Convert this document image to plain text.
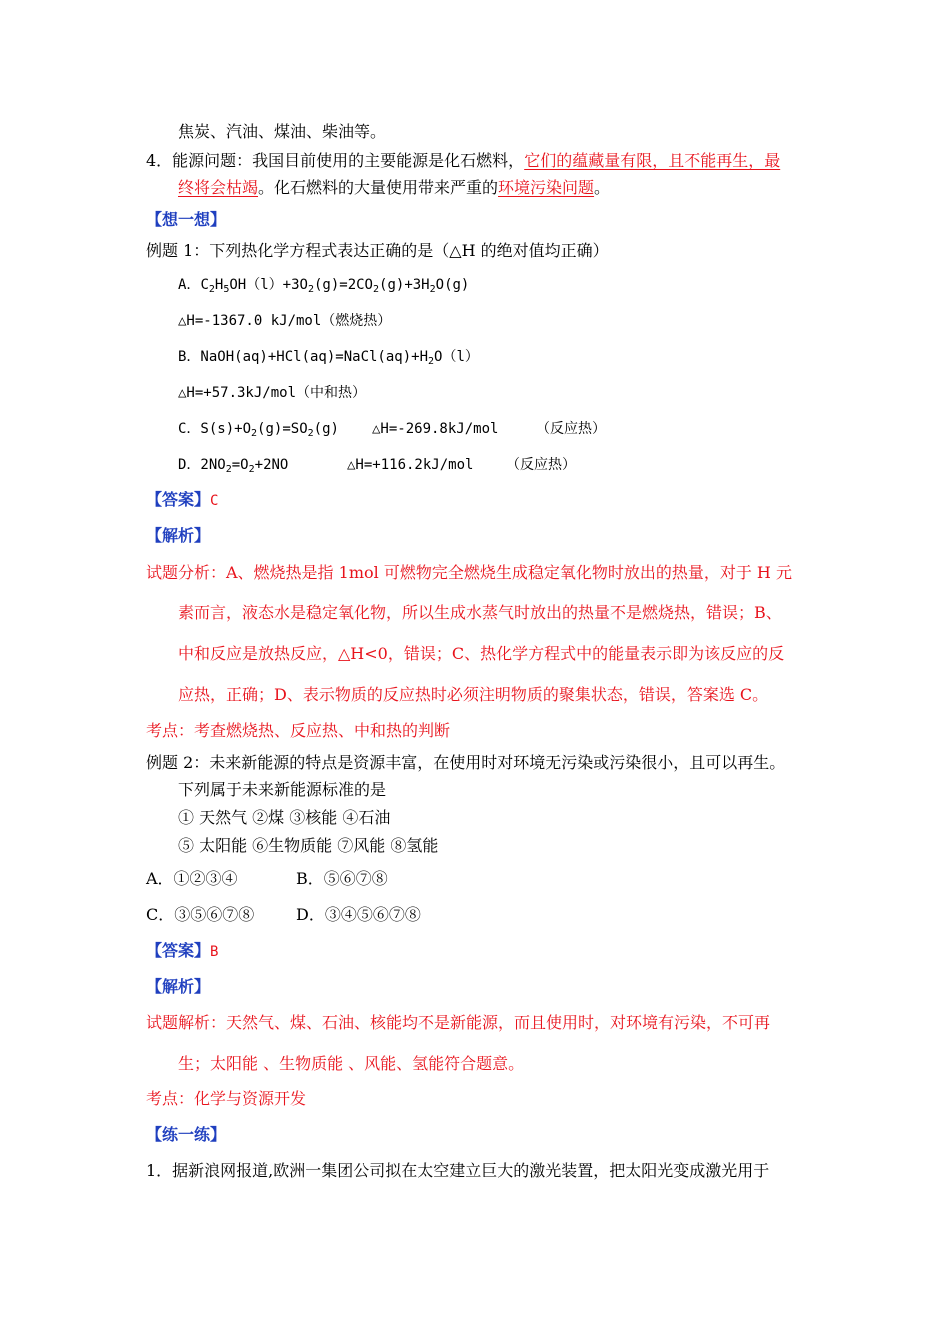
焦炭、汽油、煤油、柴油等。
4．能源问题：我国目前使用的主要能源是化石燃料，它们的蕴藏量有限，且不能再生，最
终将会枯竭。化石燃料的大量使用带来严重的环境污染问题。
【想一想】
例题 1：下列热化学方程式表达正确的是（△H 的绝对值均正确）
A．$C_2H_5OH(l)+3O_2(g)=2CO_2(g)+3H_2O(g)$
△H=-1367.0 kJ/mol（燃烧热）
B．$NaOH(aq)+HCl(aq)=NaCl(aq)+H_2O(l)$
△H=+57.3kJ/mol（中和热）
C．$S(s)+O_2(g)=SO_2(g)$ △H=-269.8kJ/mol	（反应热）
D．$2NO_2=O_2+2NO$	△H=+116.2kJ/mol （反应热）
【答案】C
【解析】
试题分析：A、燃烧热是指 1mol 可燃物完全燃烧生成稳定氧化物时放出的热量，对于 H 元
素而言，液态水是稳定氧化物，所以生成水蒸气时放出的热量不是燃烧热，错误；B、
中和反应是放热反应，△H<0，错误；C、热化学方程式中的能量表示即为该反应的反
应热，正确；D、表示物质的反应热时必须注明物质的聚集状态，错误，答案选 C。
考点：考查燃烧热、反应热、中和热的判断
例题 2：未来新能源的特点是资源丰富，在使用时对环境无污染或污染很小，且可以再生。
下列属于未来新能源标准的是
① 天然气 ②煤 ③核能 ④石油
⑤ 太阳能 ⑥生物质能 ⑦风能 ⑧氢能
A．①②③④	B．⑤⑥⑦⑧
C．③⑤⑥⑦⑧	D．③④⑤⑥⑦⑧
【答案】B
【解析】
试题解析：天然气、煤、石油、核能均不是新能源，而且使用时，对环境有污染，不可再
生；太阳能 、生物质能 、风能、氢能符合题意。
考点：化学与资源开发
【练一练】
1．据新浪网报道,欧洲一集团公司拟在太空建立巨大的激光装置，把太阳光变成激光用于
